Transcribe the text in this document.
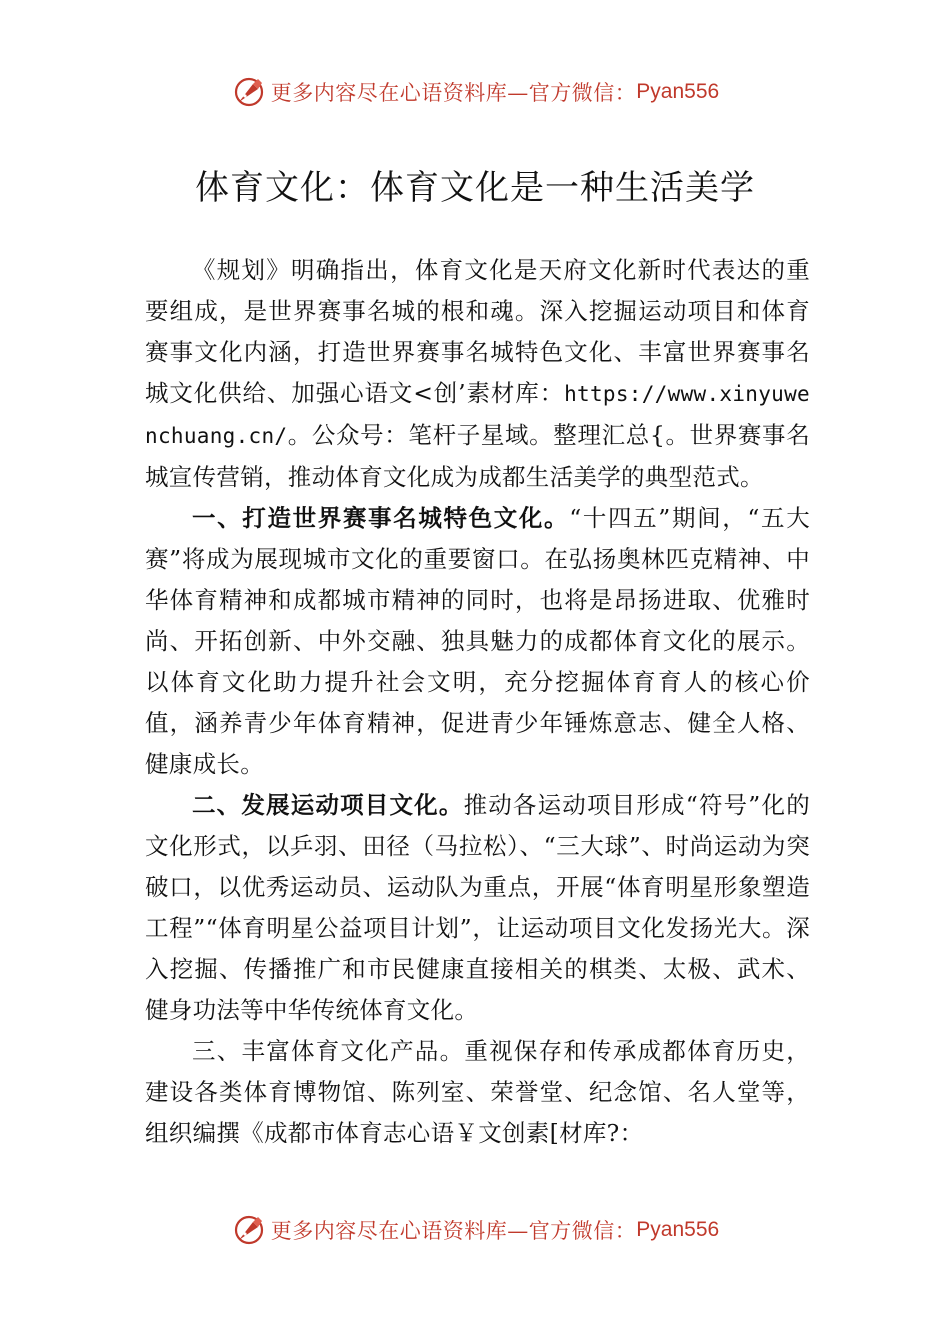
更多内容尽在心语资料库—官方微信： Pyan556
体育文化：体育文化是一种生活美学

《规划》明确指出，体育文化是天府文化新时代表达的重要组成，是世界赛事名城的根和魂。深入挖掘运动项目和体育赛事文化内涵，打造世界赛事名城特色文化、丰富世界赛事名城文化供给、加强心语文<创’素材库：https://www.xinyuwenchuang.cn/。公众号：笔杆子星域。整理汇总{。世界赛事名城宣传营销，推动体育文化成为成都生活美学的典型范式。

一、打造世界赛事名城特色文化。“十四五”期间，“五大赛”将成为展现城市文化的重要窗口。在弘扬奥林匹克精神、中华体育精神和成都城市精神的同时，也将是昂扬进取、优雅时尚、开拓创新、中外交融、独具魅力的成都体育文化的展示。以体育文化助力提升社会文明，充分挖掘体育育人的核心价值，涵养青少年体育精神，促进青少年锤炼意志、健全人格、健康成长。

二、发展运动项目文化。推动各运动项目形成“符号”化的文化形式，以乒羽、田径（马拉松）、“三大球”、时尚运动为突破口，以优秀运动员、运动队为重点，开展“体育明星形象塑造工程”“体育明星公益项目计划”，让运动项目文化发扬光大。深入挖掘、传播推广和市民健康直接相关的棋类、太极、武术、健身功法等中华传统体育文化。

三、丰富体育文化产品。重视保存和传承成都体育历史， 建设各类体育博物馆、陈列室、荣誉堂、纪念馆、名人堂等， 组织编撰《成都市体育志心语￥文创素[材库?：

更多内容尽在心语资料库—官方微信： Pyan556
